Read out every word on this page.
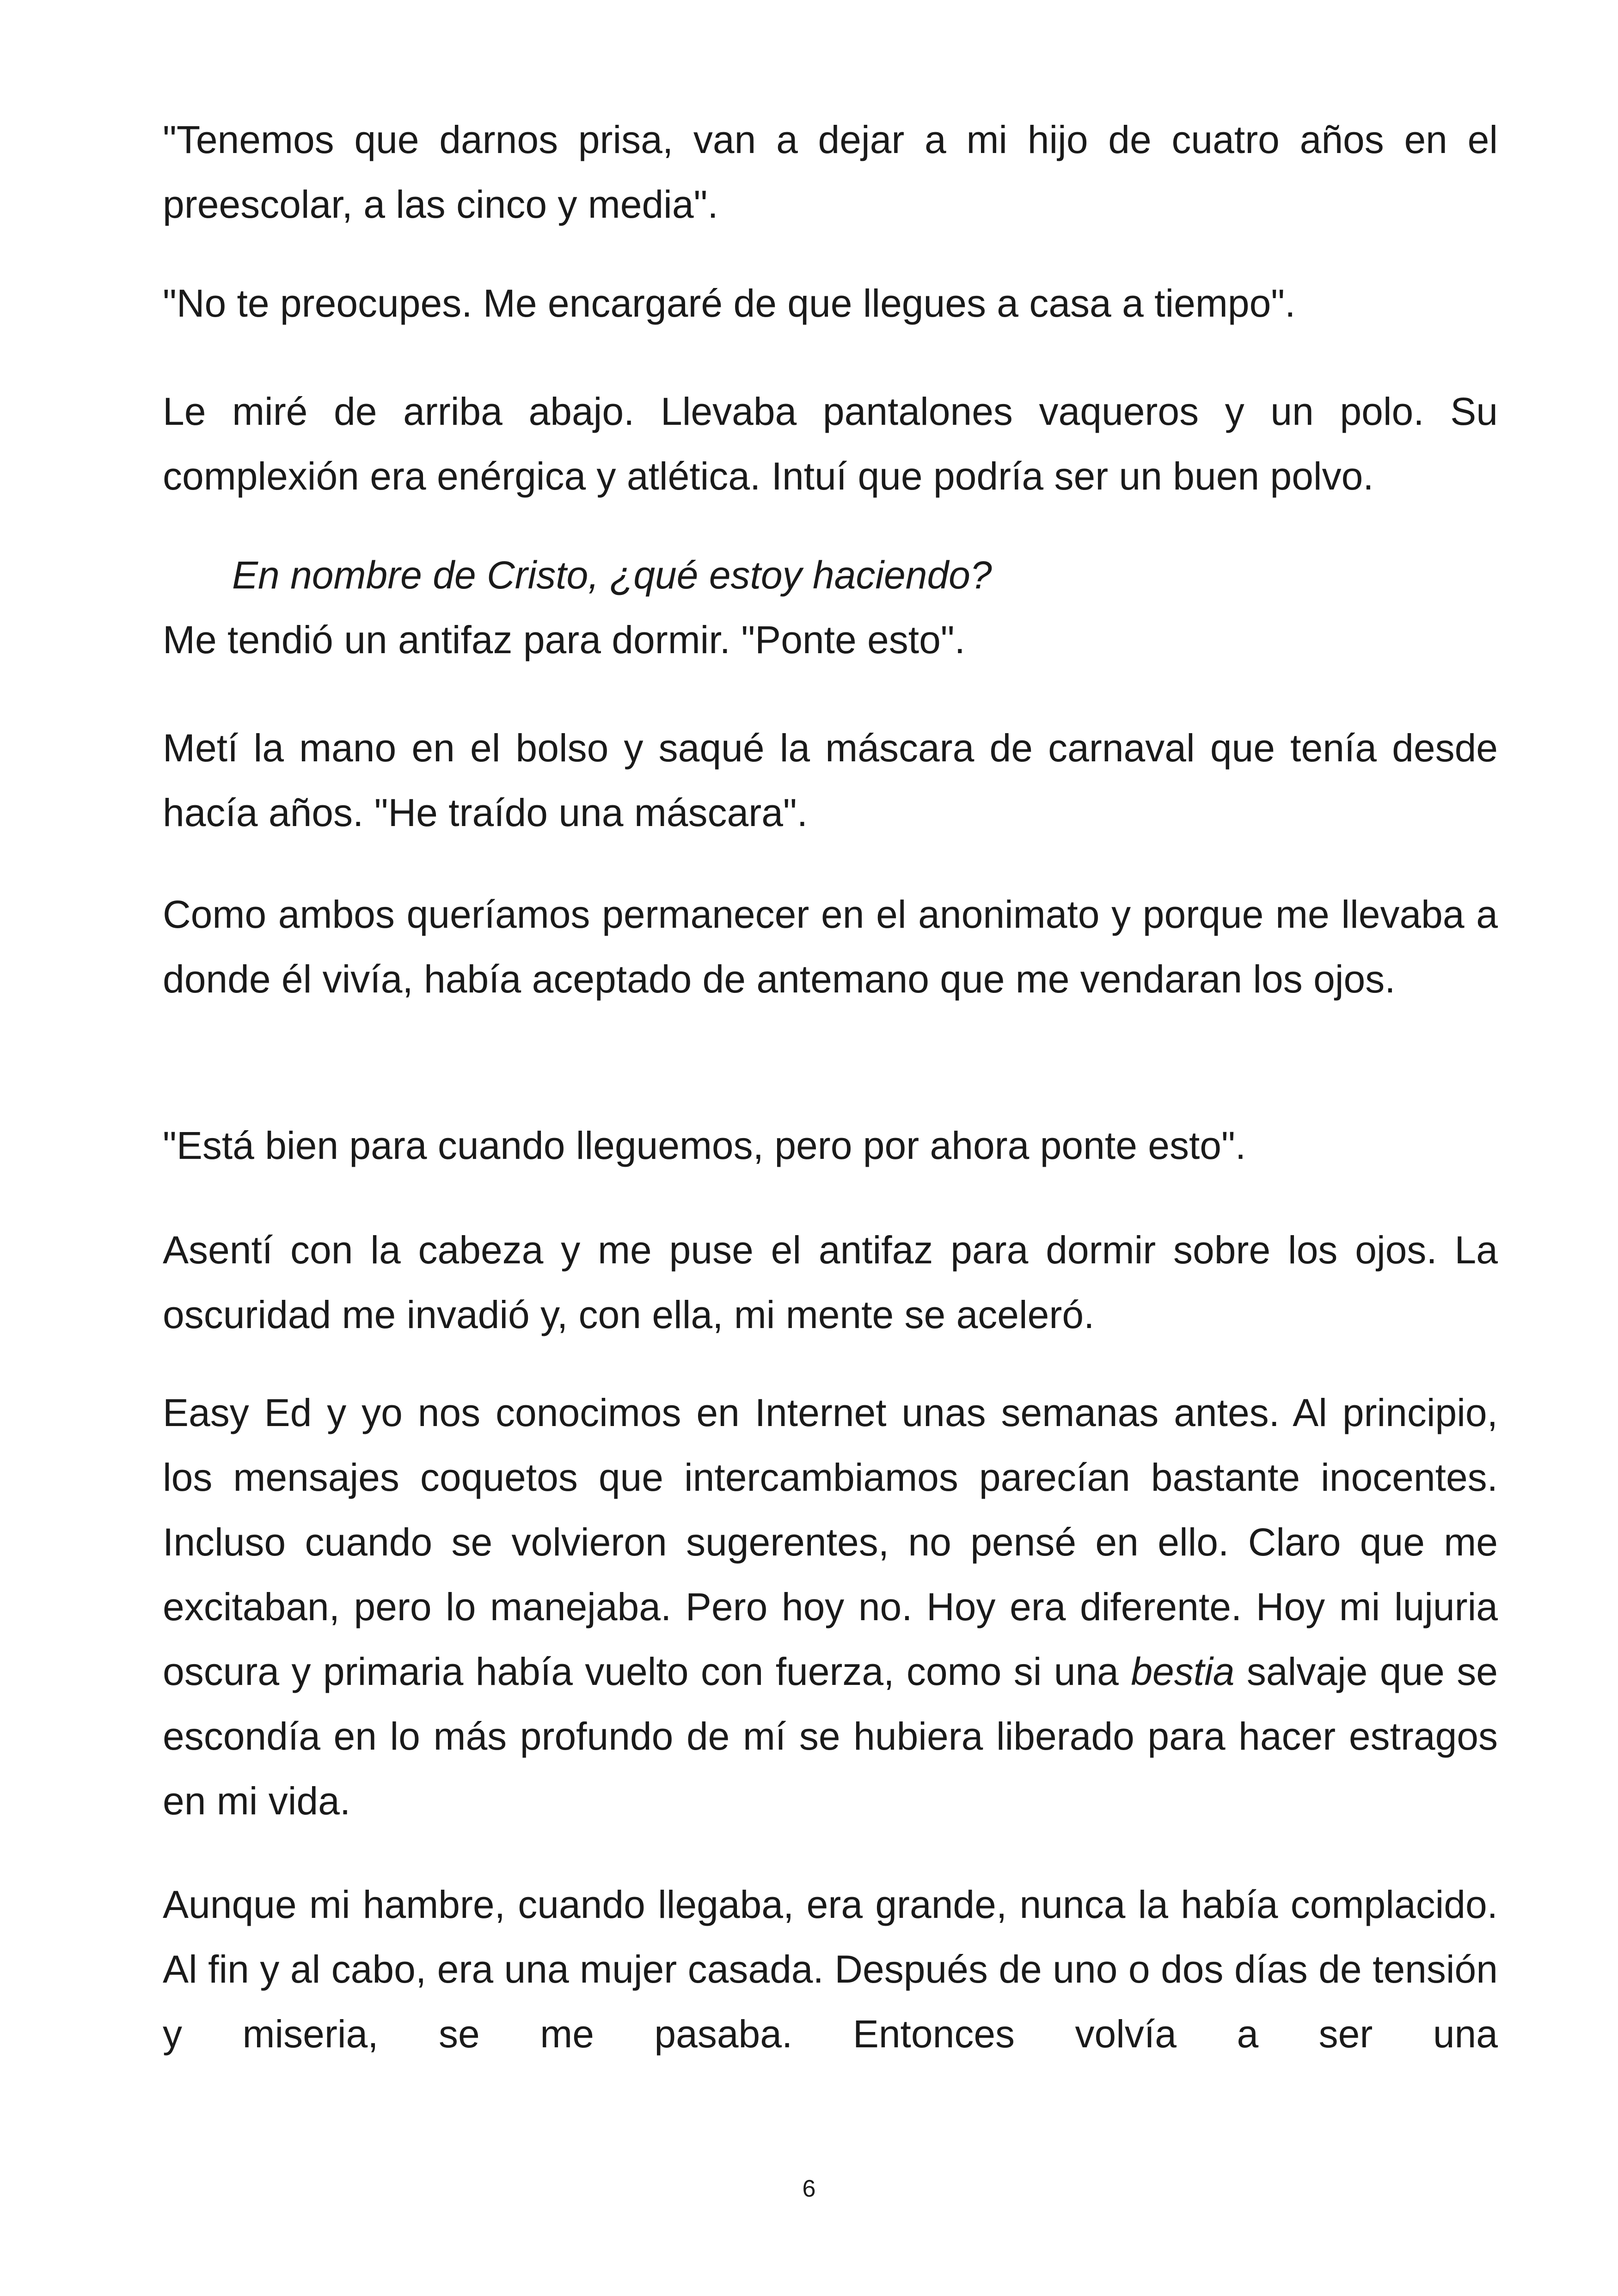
"Tenemos que darnos prisa, van a dejar a mi hijo de cuatro años en el preescolar, a las cinco y media".

"No te preocupes. Me encargaré de que llegues a casa a tiempo".

Le miré de arriba abajo. Llevaba pantalones vaqueros y un polo. Su complexión era enérgica y atlética. Intuí que podría ser un buen polvo.

En nombre de Cristo, ¿qué estoy haciendo?

Me tendió un antifaz para dormir. "Ponte esto".

Metí la mano en el bolso y saqué la máscara de carnaval que tenía desde hacía años. "He traído una máscara".

Como ambos queríamos permanecer en el anonimato y porque me llevaba a donde él vivía, había aceptado de antemano que me vendaran los ojos.

"Está bien para cuando lleguemos, pero por ahora ponte esto".

Asentí con la cabeza y me puse el antifaz para dormir sobre los ojos. La oscuridad me invadió y, con ella, mi mente se aceleró.

Easy Ed y yo nos conocimos en Internet unas semanas antes. Al principio, los mensajes coquetos que intercambiamos parecían bastante inocentes. Incluso cuando se volvieron sugerentes, no pensé en ello. Claro que me excitaban, pero lo manejaba. Pero hoy no. Hoy era diferente. Hoy mi lujuria oscura y primaria había vuelto con fuerza, como si una bestia salvaje que se escondía en lo más profundo de mí se hubiera liberado para hacer estragos en mi vida.

Aunque mi hambre, cuando llegaba, era grande, nunca la había complacido. Al fin y al cabo, era una mujer casada. Después de uno o dos días de tensión y miseria, se me pasaba. Entonces volvía a ser una

6
